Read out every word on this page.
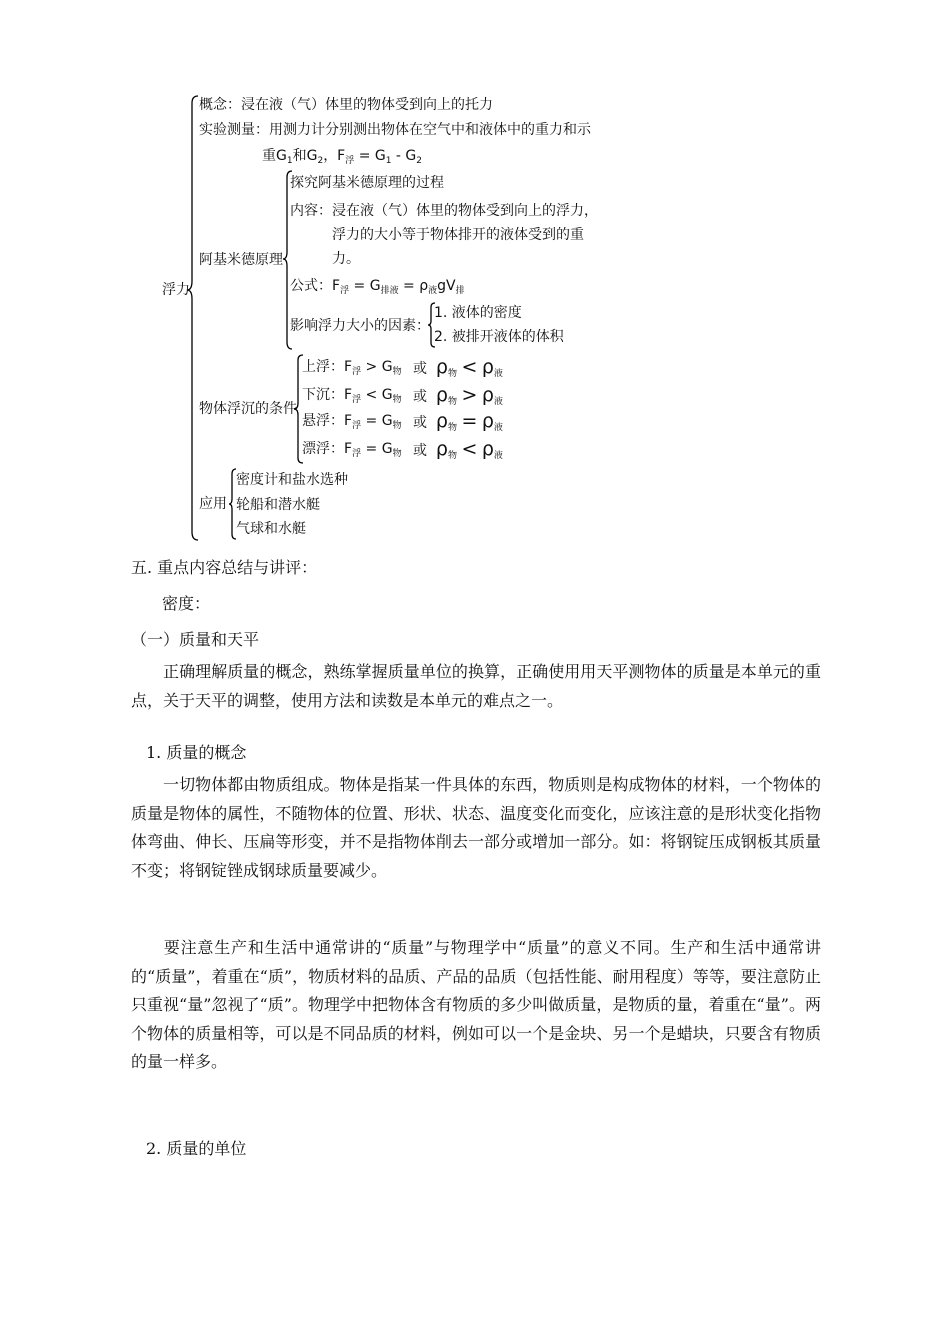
浮力
概念：浸在液（气）体里的物体受到向上的托力
实验测量：用测力计分别测出物体在空气中和液体中的重力和示
重$G_1$和$G_2$，$F_浮 = G_1 - G_2$
阿基米德原理
探究阿基米德原理的过程
内容：浸在液（气）体里的物体受到向上的浮力，
浮力的大小等于物体排开的液体受到的重
力。
公式：$F_浮 = G_{排液} = \rho_液gV_排$
影响浮力大小的因素：
1. 液体的密度
2. 被排开液体的体积
物体浮沉的条件
上浮：$F_浮 > G_物$ 或 $\rho_物 < \rho_液$
下沉：$F_浮 < G_物$ 或 $\rho_物 > \rho_液$
悬浮：$F_浮 = G_物$ 或 $\rho_物 = \rho_液$
漂浮：$F_浮 = G_物$ 或 $\rho_物 < \rho_液$
应用
密度计和盐水选种
轮船和潜水艇
气球和水艇
五. 重点内容总结与讲评：
密度：
（一）质量和天平
正确理解质量的概念，熟练掌握质量单位的换算，正确使用用天平测物体的质量是本单元的重点，关于天平的调整，使用方法和读数是本单元的难点之一。
1. 质量的概念
一切物体都由物质组成。物体是指某一件具体的东西，物质则是构成物体的材料，一个物体的质量是物体的属性，不随物体的位置、形状、状态、温度变化而变化，应该注意的是形状变化指物体弯曲、伸长、压扁等形变，并不是指物体削去一部分或增加一部分。如：将钢锭压成钢板其质量不变；将钢锭锉成钢球质量要减少。
要注意生产和生活中通常讲的“质量”与物理学中“质量”的意义不同。生产和生活中通常讲的“质量”，着重在“质”，物质材料的品质、产品的品质（包括性能、耐用程度）等等，要注意防止只重视“量”忽视了“质”。物理学中把物体含有物质的多少叫做质量，是物质的量，着重在“量”。两个物体的质量相等，可以是不同品质的材料，例如可以一个是金块、另一个是蜡块，只要含有物质的量一样多。
2. 质量的单位
